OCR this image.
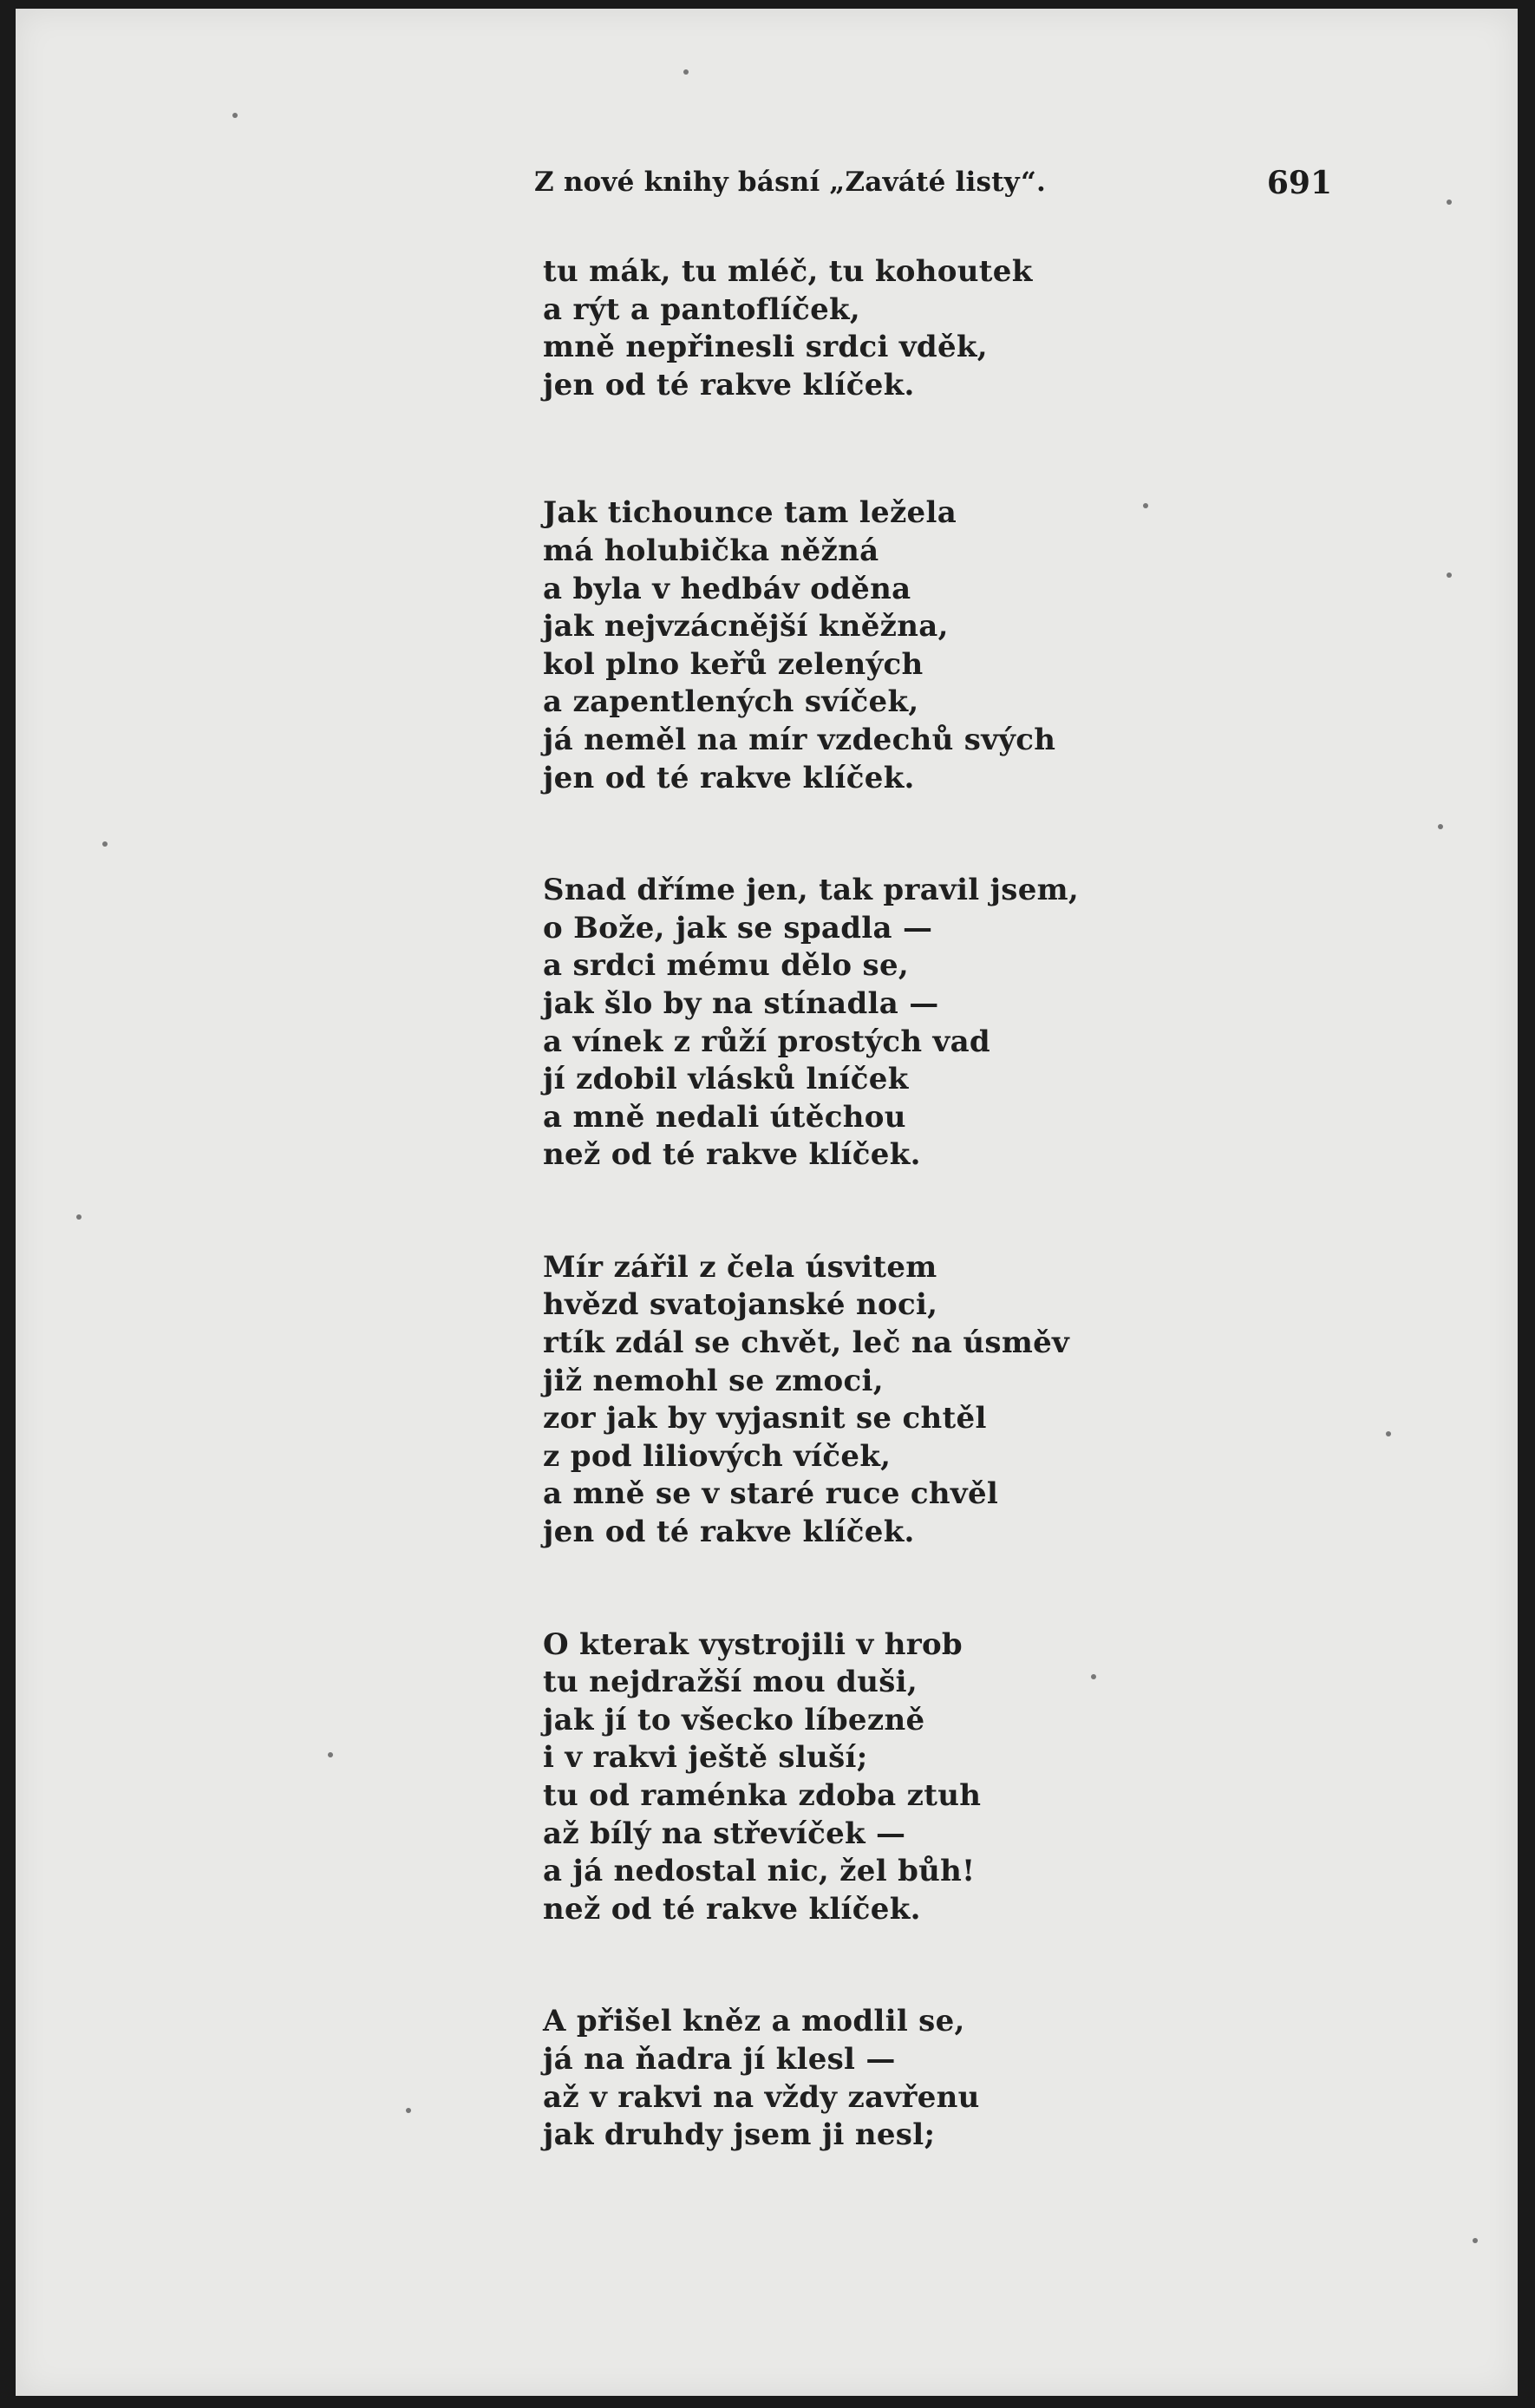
Z nové knihy básní „Zaváté listy“.	691
tu mák, tu mléč, tu kohoutek
a rýt a pantoflíček,
mně nepřinesli srdci vděk,
jen od té rakve klíček.
Jak tichounce tam ležela
má holubička něžná
a byla v hedbáv oděna
jak nejvzácnější kněžna,
kol plno keřů zelených
a zapentlených svíček,
já neměl na mír vzdechů svých
jen od té rakve klíček.
Snad dříme jen, tak pravil jsem,
o Bože, jak se spadla —
a srdci mému dělo se,
jak šlo by na stínadla —
a vínek z růží prostých vad
jí zdobil vlásků lníček
a mně nedali útěchou
než od té rakve klíček.
Mír zářil z čela úsvitem
hvězd svatojanské noci,
rtík zdál se chvět, leč na úsměv
již nemohl se zmoci,
zor jak by vyjasnit se chtěl
z pod liliových víček,
a mně se v staré ruce chvěl
jen od té rakve klíček.
O kterak vystrojili v hrob
tu nejdražší mou duši,
jak jí to všecko líbezně
i v rakvi ještě sluší;
tu od raménka zdoba ztuh
až bílý na střevíček —
a já nedostal nic, žel bůh!
než od té rakve klíček.
A přišel kněz a modlil se,
já na ňadra jí klesl —
až v rakvi na vždy zavřenu
jak druhdy jsem ji nesl;
